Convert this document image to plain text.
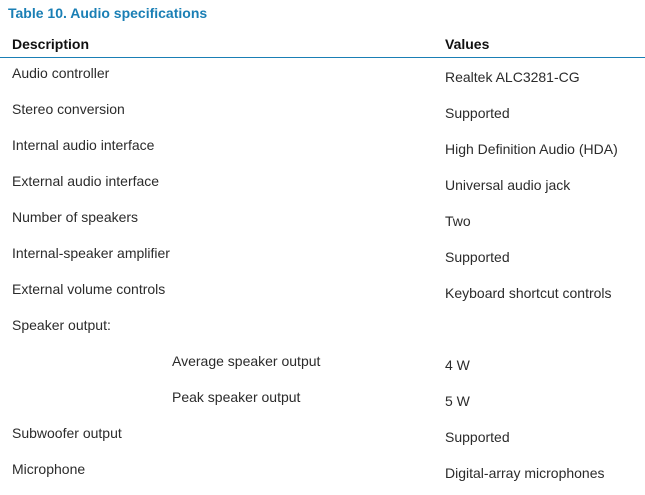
Table 10. Audio specifications
Description	Values
Audio controller	Realtek ALC3281-CG
Stereo conversion	Supported
Internal audio interface	High Definition Audio (HDA)
External audio interface	Universal audio jack
Number of speakers	Two
Internal-speaker amplifier	Supported
External volume controls	Keyboard shortcut controls
Speaker output:
Average speaker output	4 W
Peak speaker output	5 W
Subwoofer output	Supported
Microphone	Digital-array microphones
